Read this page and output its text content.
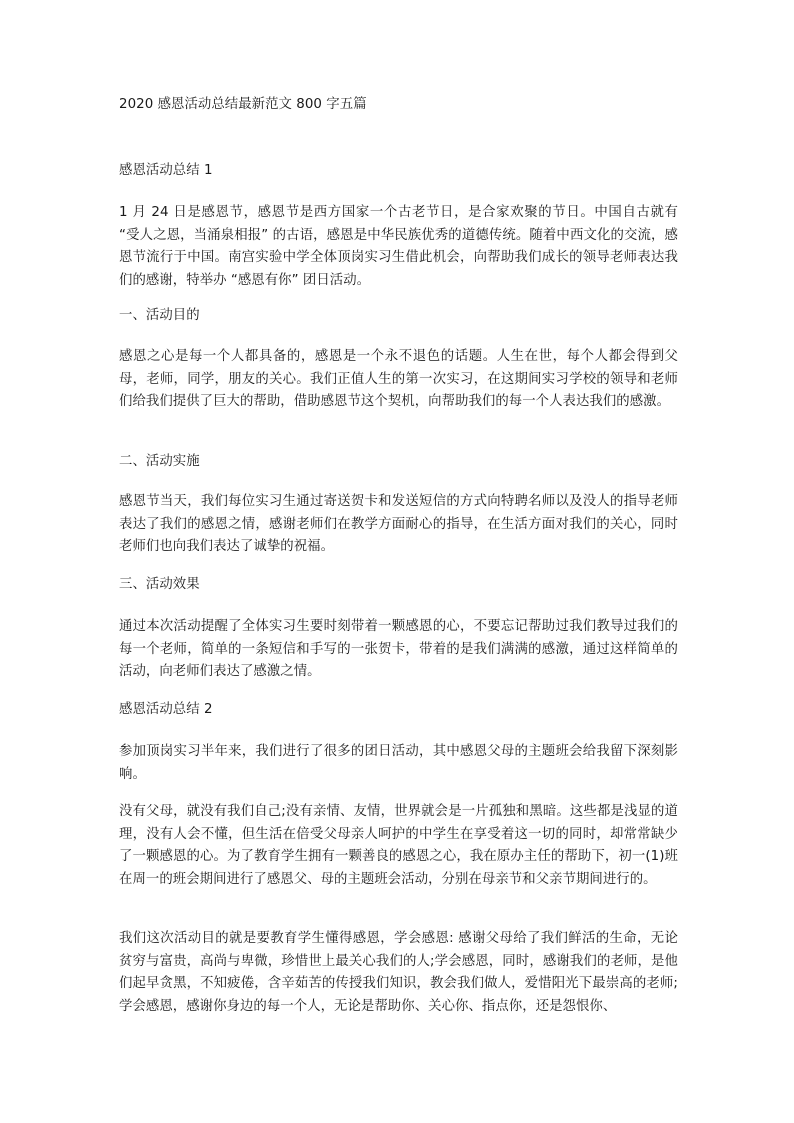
2020 感恩活动总结最新范文 800 字五篇

感恩活动总结 1

1 月 24 日是感恩节，感恩节是西方国家一个古老节日，是合家欢聚的节日。中国自古就有 “受人之恩，当涌泉相报” 的古语，感恩是中华民族优秀的道德传统。随着中西文化的交流，感恩节流行于中国。南宫实验中学全体顶岗实习生借此机会，向帮助我们成长的领导老师表达我们的感谢，特举办 “感恩有你” 团日活动。

一、活动目的

感恩之心是每一个人都具备的，感恩是一个永不退色的话题。人生在世，每个人都会得到父母，老师，同学，朋友的关心。我们正值人生的第一次实习，在这期间实习学校的领导和老师们给我们提供了巨大的帮助，借助感恩节这个契机，向帮助我们的每一个人表达我们的感激。

二、活动实施

感恩节当天，我们每位实习生通过寄送贺卡和发送短信的方式向特聘名师以及没人的指导老师表达了我们的感恩之情，感谢老师们在教学方面耐心的指导，在生活方面对我们的关心，同时老师们也向我们表达了诚挚的祝福。

三、活动效果

通过本次活动提醒了全体实习生要时刻带着一颗感恩的心，不要忘记帮助过我们教导过我们的每一个老师，简单的一条短信和手写的一张贺卡，带着的是我们满满的感激，通过这样简单的活动，向老师们表达了感激之情。

感恩活动总结 2

参加顶岗实习半年来，我们进行了很多的团日活动，其中感恩父母的主题班会给我留下深刻影响。

没有父母，就没有我们自己;没有亲情、友情，世界就会是一片孤独和黑暗。这些都是浅显的道理，没有人会不懂，但生活在倍受父母亲人呵护的中学生在享受着这一切的同时，却常常缺少了一颗感恩的心。为了教育学生拥有一颗善良的感恩之心，我在原办主任的帮助下，初一(1)班在周一的班会期间进行了感恩父、母的主题班会活动，分别在母亲节和父亲节期间进行的。

我们这次活动目的就是要教育学生懂得感恩，学会感恩: 感谢父母给了我们鲜活的生命，无论贫穷与富贵，高尚与卑微，珍惜世上最关心我们的人;学会感恩，同时，感谢我们的老师，是他们起早贪黑，不知疲倦，含辛茹苦的传授我们知识，教会我们做人，爱惜阳光下最崇高的老师;学会感恩，感谢你身边的每一个人，无论是帮助你、关心你、指点你，还是怨恨你、
